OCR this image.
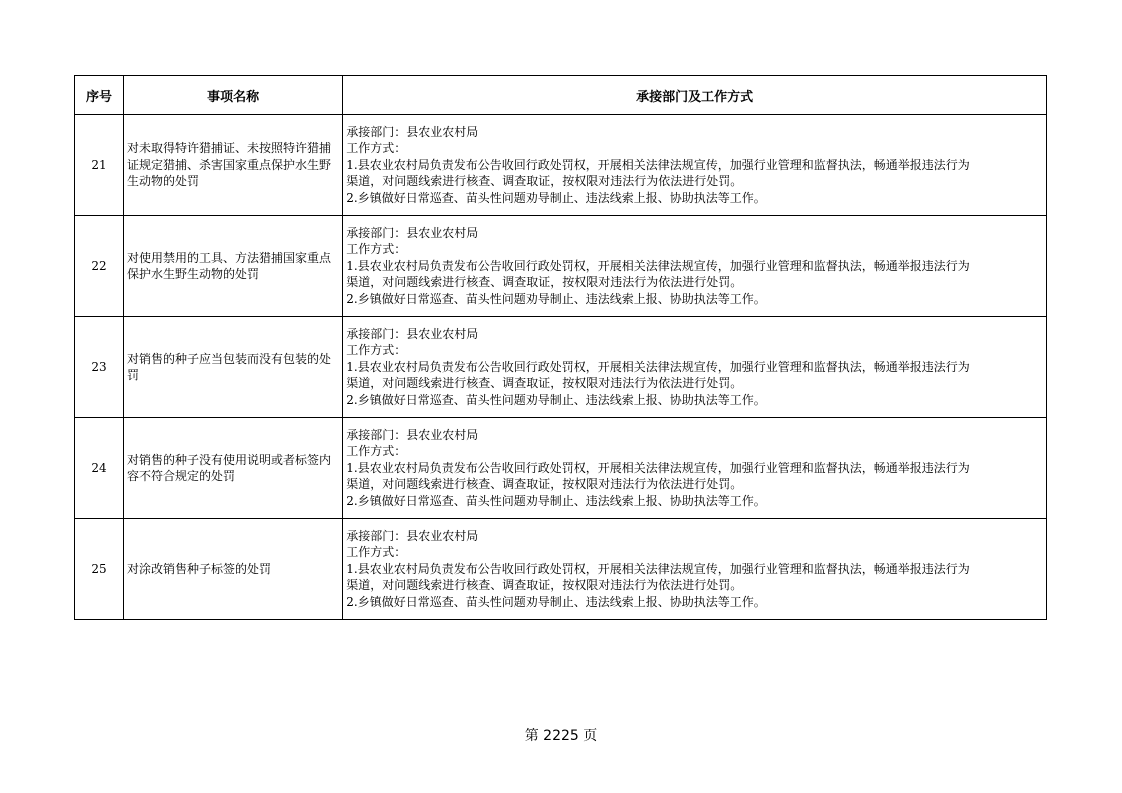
序号	事项名称	承接部门及工作方式
21	对未取得特许猎捕证、未按照特许猎捕证规定猎捕、杀害国家重点保护水生野生动物的处罚	承接部门：县农业农村局
工作方式：
1.县农业农村局负责发布公告收回行政处罚权，开展相关法律法规宣传，加强行业管理和监督执法，畅通举报违法行为
渠道，对问题线索进行核查、调查取证，按权限对违法行为依法进行处罚。
2.乡镇做好日常巡查、苗头性问题劝导制止、违法线索上报、协助执法等工作。

22	对使用禁用的工具、方法猎捕国家重点保护水生野生动物的处罚	承接部门：县农业农村局
工作方式：
1.县农业农村局负责发布公告收回行政处罚权，开展相关法律法规宣传，加强行业管理和监督执法，畅通举报违法行为
渠道，对问题线索进行核查、调查取证，按权限对违法行为依法进行处罚。
2.乡镇做好日常巡查、苗头性问题劝导制止、违法线索上报、协助执法等工作。

23	对销售的种子应当包装而没有包装的处罚	承接部门：县农业农村局
工作方式：
1.县农业农村局负责发布公告收回行政处罚权，开展相关法律法规宣传，加强行业管理和监督执法，畅通举报违法行为
渠道，对问题线索进行核查、调查取证，按权限对违法行为依法进行处罚。
2.乡镇做好日常巡查、苗头性问题劝导制止、违法线索上报、协助执法等工作。

24	对销售的种子没有使用说明或者标签内容不符合规定的处罚	承接部门：县农业农村局
工作方式：
1.县农业农村局负责发布公告收回行政处罚权，开展相关法律法规宣传，加强行业管理和监督执法，畅通举报违法行为
渠道，对问题线索进行核查、调查取证，按权限对违法行为依法进行处罚。
2.乡镇做好日常巡查、苗头性问题劝导制止、违法线索上报、协助执法等工作。

25	对涂改销售种子标签的处罚	承接部门：县农业农村局
工作方式：
1.县农业农村局负责发布公告收回行政处罚权，开展相关法律法规宣传，加强行业管理和监督执法，畅通举报违法行为
渠道，对问题线索进行核查、调查取证，按权限对违法行为依法进行处罚。
2.乡镇做好日常巡查、苗头性问题劝导制止、违法线索上报、协助执法等工作。
第 2225 页
